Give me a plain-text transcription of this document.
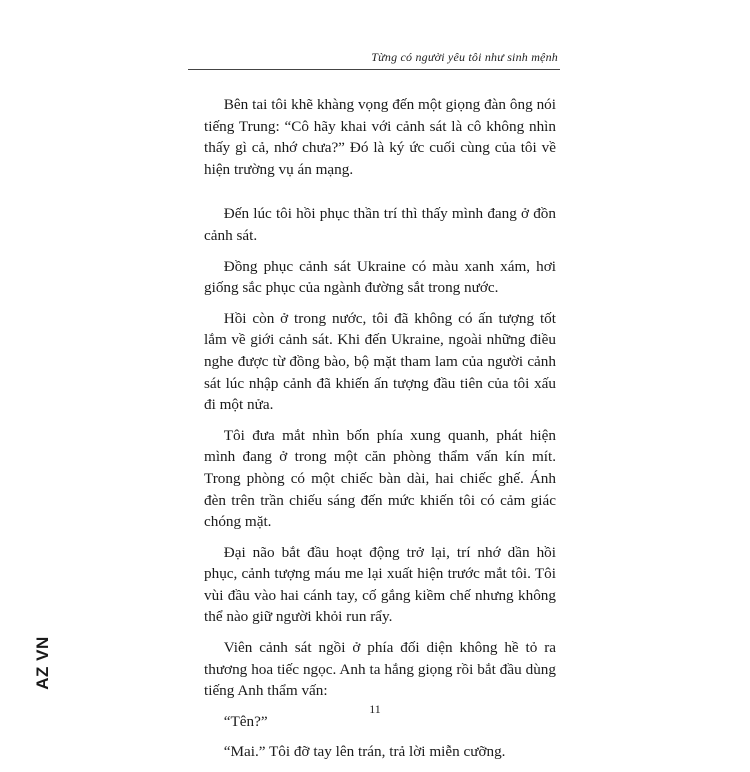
Từng có người yêu tôi như sinh mệnh

Bên tai tôi khẽ khàng vọng đến một giọng đàn ông nói tiếng Trung: “Cô hãy khai với cảnh sát là cô không nhìn thấy gì cả, nhớ chưa?” Đó là ký ức cuối cùng của tôi về hiện trường vụ án mạng.

Đến lúc tôi hồi phục thần trí thì thấy mình đang ở đồn cảnh sát.

Đồng phục cảnh sát Ukraine có màu xanh xám, hơi giống sắc phục của ngành đường sắt trong nước.

Hồi còn ở trong nước, tôi đã không có ấn tượng tốt lắm về giới cảnh sát. Khi đến Ukraine, ngoài những điều nghe được từ đồng bào, bộ mặt tham lam của người cảnh sát lúc nhập cảnh đã khiến ấn tượng đầu tiên của tôi xấu đi một nửa.

Tôi đưa mắt nhìn bốn phía xung quanh, phát hiện mình đang ở trong một căn phòng thẩm vấn kín mít. Trong phòng có một chiếc bàn dài, hai chiếc ghế. Ánh đèn trên trần chiếu sáng đến mức khiến tôi có cảm giác chóng mặt.

Đại não bắt đầu hoạt động trở lại, trí nhớ dần hồi phục, cảnh tượng máu me lại xuất hiện trước mắt tôi. Tôi vùi đầu vào hai cánh tay, cố gắng kiềm chế nhưng không thể nào giữ người khỏi run rẩy.

Viên cảnh sát ngồi ở phía đối diện không hề tỏ ra thương hoa tiếc ngọc. Anh ta hắng giọng rồi bắt đầu dùng tiếng Anh thẩm vấn:

“Tên?”

“Mai.” Tôi đỡ tay lên trán, trả lời miễn cưỡng.

11
AZ VN
